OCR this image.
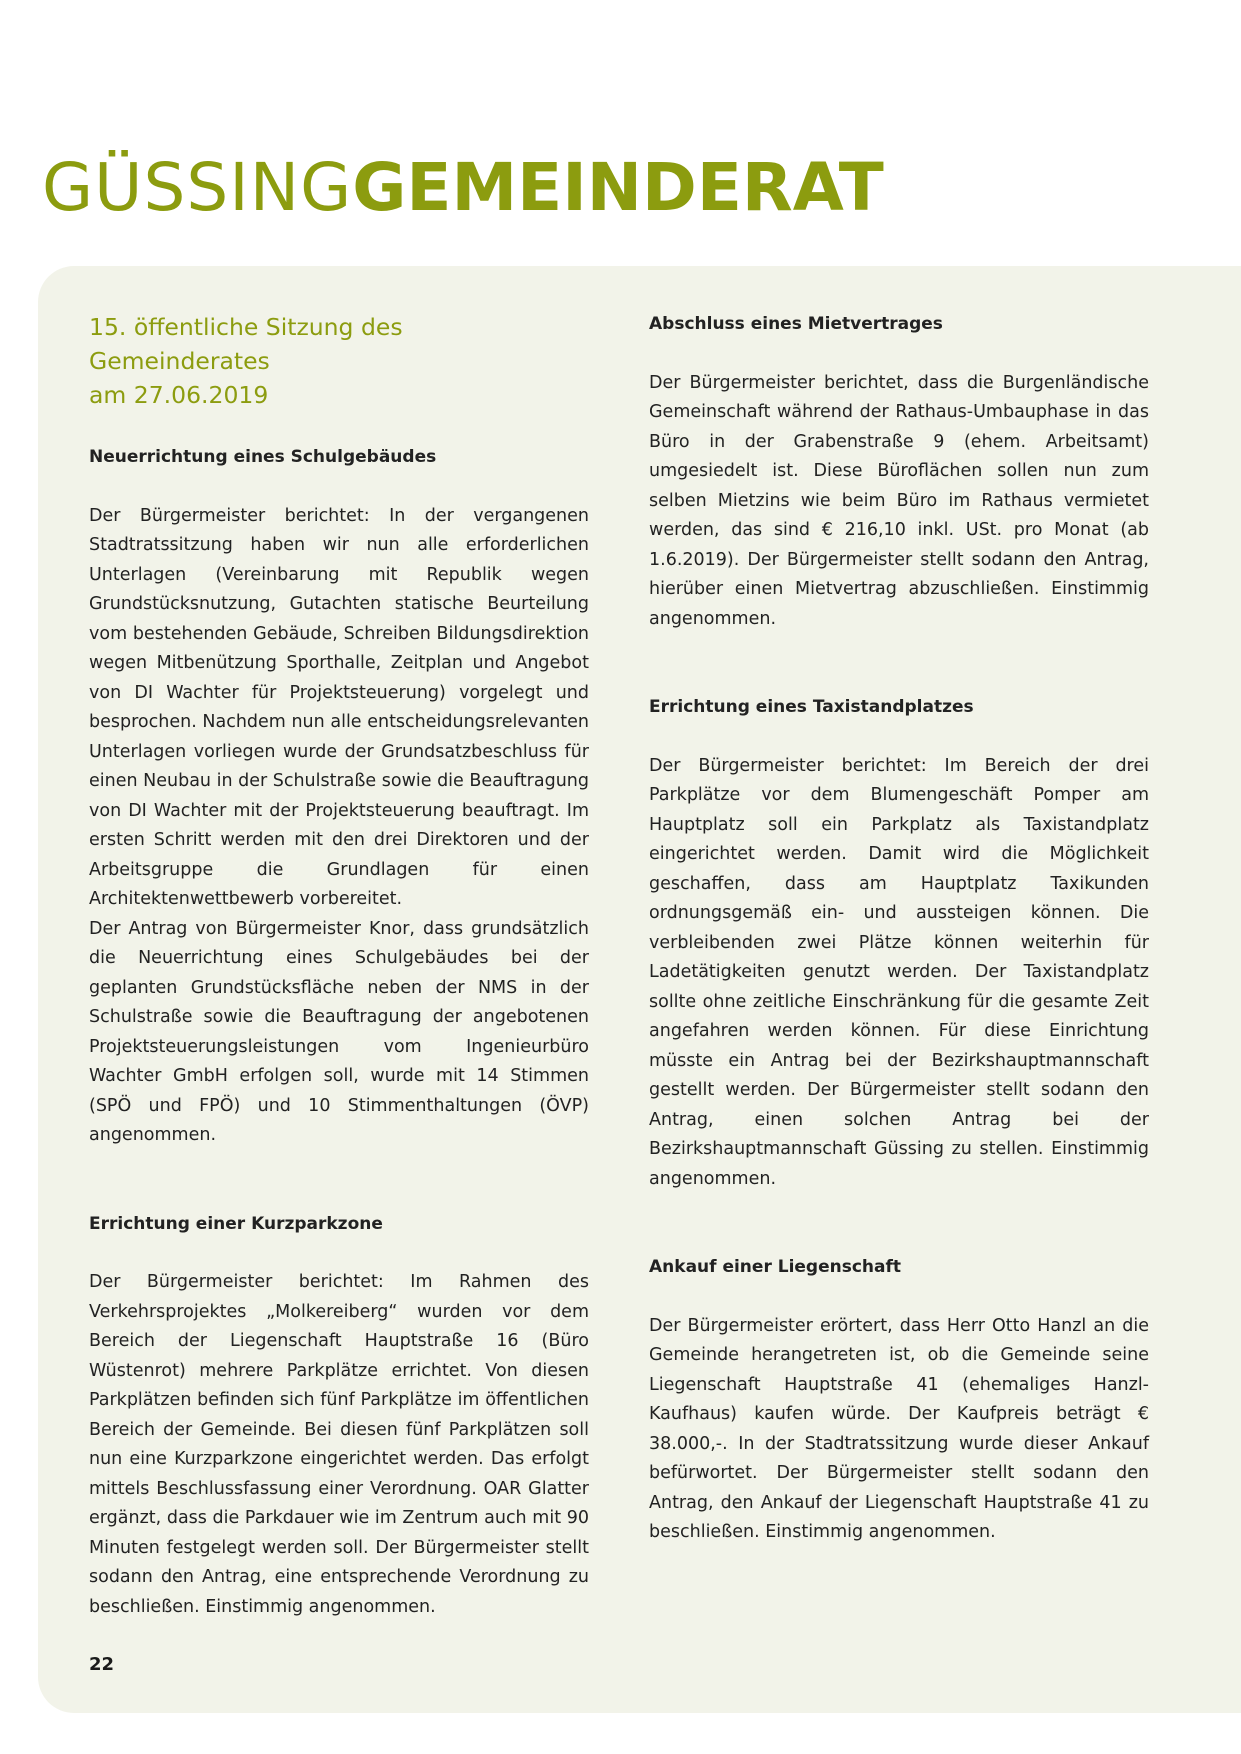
GÜSSINGGEMEINDERAT
15. öffentliche Sitzung des Gemeinderates
am 27.06.2019
Neuerrichtung eines Schulgebäudes

Der Bürgermeister berichtet: In der vergangenen Stadtratssitzung haben wir nun alle erforderlichen Unterlagen (Vereinbarung mit Republik wegen Grundstücksnutzung, Gutachten statische Beurteilung vom bestehenden Gebäude, Schreiben Bildungsdirektion wegen Mitbenützung Sporthalle, Zeitplan und Angebot von DI Wachter für Projektsteuerung) vorgelegt und besprochen. Nachdem nun alle entscheidungsrelevanten Unterlagen vorliegen wurde der Grundsatzbeschluss für einen Neubau in der Schulstraße sowie die Beauftragung von DI Wachter mit der Projektsteuerung beauftragt. Im ersten Schritt werden mit den drei Direktoren und der Arbeitsgruppe die Grundlagen für einen Architektenwettbewerb vorbereitet.

Der Antrag von Bürgermeister Knor, dass grundsätzlich die Neuerrichtung eines Schulgebäudes bei der geplanten Grundstücksfläche neben der NMS in der Schulstraße sowie die Beauftragung der angebotenen Projektsteuerungsleistungen vom Ingenieurbüro Wachter GmbH erfolgen soll, wurde mit 14 Stimmen (SPÖ und FPÖ) und 10 Stimmenthaltungen (ÖVP) angenommen.

Errichtung einer Kurzparkzone

Der Bürgermeister berichtet: Im Rahmen des Verkehrsprojektes „Molkereiberg“ wurden vor dem Bereich der Liegenschaft Hauptstraße 16 (Büro Wüstenrot) mehrere Parkplätze errichtet. Von diesen Parkplätzen befinden sich fünf Parkplätze im öffentlichen Bereich der Gemeinde. Bei diesen fünf Parkplätzen soll nun eine Kurzparkzone eingerichtet werden. Das erfolgt mittels Beschlussfassung einer Verordnung. OAR Glatter ergänzt, dass die Parkdauer wie im Zentrum auch mit 90 Minuten festgelegt werden soll. Der Bürgermeister stellt sodann den Antrag, eine entsprechende Verordnung zu beschließen. Einstimmig angenommen.

Abschluss eines Mietvertrages

Der Bürgermeister berichtet, dass die Burgenländische Gemeinschaft während der Rathaus-Umbauphase in das Büro in der Grabenstraße 9 (ehem. Arbeitsamt) umgesiedelt ist. Diese Büroflächen sollen nun zum selben Mietzins wie beim Büro im Rathaus vermietet werden, das sind € 216,10 inkl. USt. pro Monat (ab 1.6.2019). Der Bürgermeister stellt sodann den Antrag, hierüber einen Mietvertrag abzuschließen. Einstimmig angenommen.

Errichtung eines Taxistandplatzes

Der Bürgermeister berichtet: Im Bereich der drei Parkplätze vor dem Blumengeschäft Pomper am Hauptplatz soll ein Parkplatz als Taxistandplatz eingerichtet werden. Damit wird die Möglichkeit geschaffen, dass am Hauptplatz Taxikunden ordnungsgemäß ein- und aussteigen können. Die verbleibenden zwei Plätze können weiterhin für Ladetätigkeiten genutzt werden. Der Taxistandplatz sollte ohne zeitliche Einschränkung für die gesamte Zeit angefahren werden können. Für diese Einrichtung müsste ein Antrag bei der Bezirkshauptmannschaft gestellt werden. Der Bürgermeister stellt sodann den Antrag, einen solchen Antrag bei der Bezirkshauptmannschaft Güssing zu stellen. Einstimmig angenommen.

Ankauf einer Liegenschaft

Der Bürgermeister erörtert, dass Herr Otto Hanzl an die Gemeinde herangetreten ist, ob die Gemeinde seine Liegenschaft Hauptstraße 41 (ehemaliges Hanzl-Kaufhaus) kaufen würde. Der Kaufpreis beträgt € 38.000,-. In der Stadtratssitzung wurde dieser Ankauf befürwortet. Der Bürgermeister stellt sodann den Antrag, den Ankauf der Liegenschaft Hauptstraße 41 zu beschließen. Einstimmig angenommen.

22
